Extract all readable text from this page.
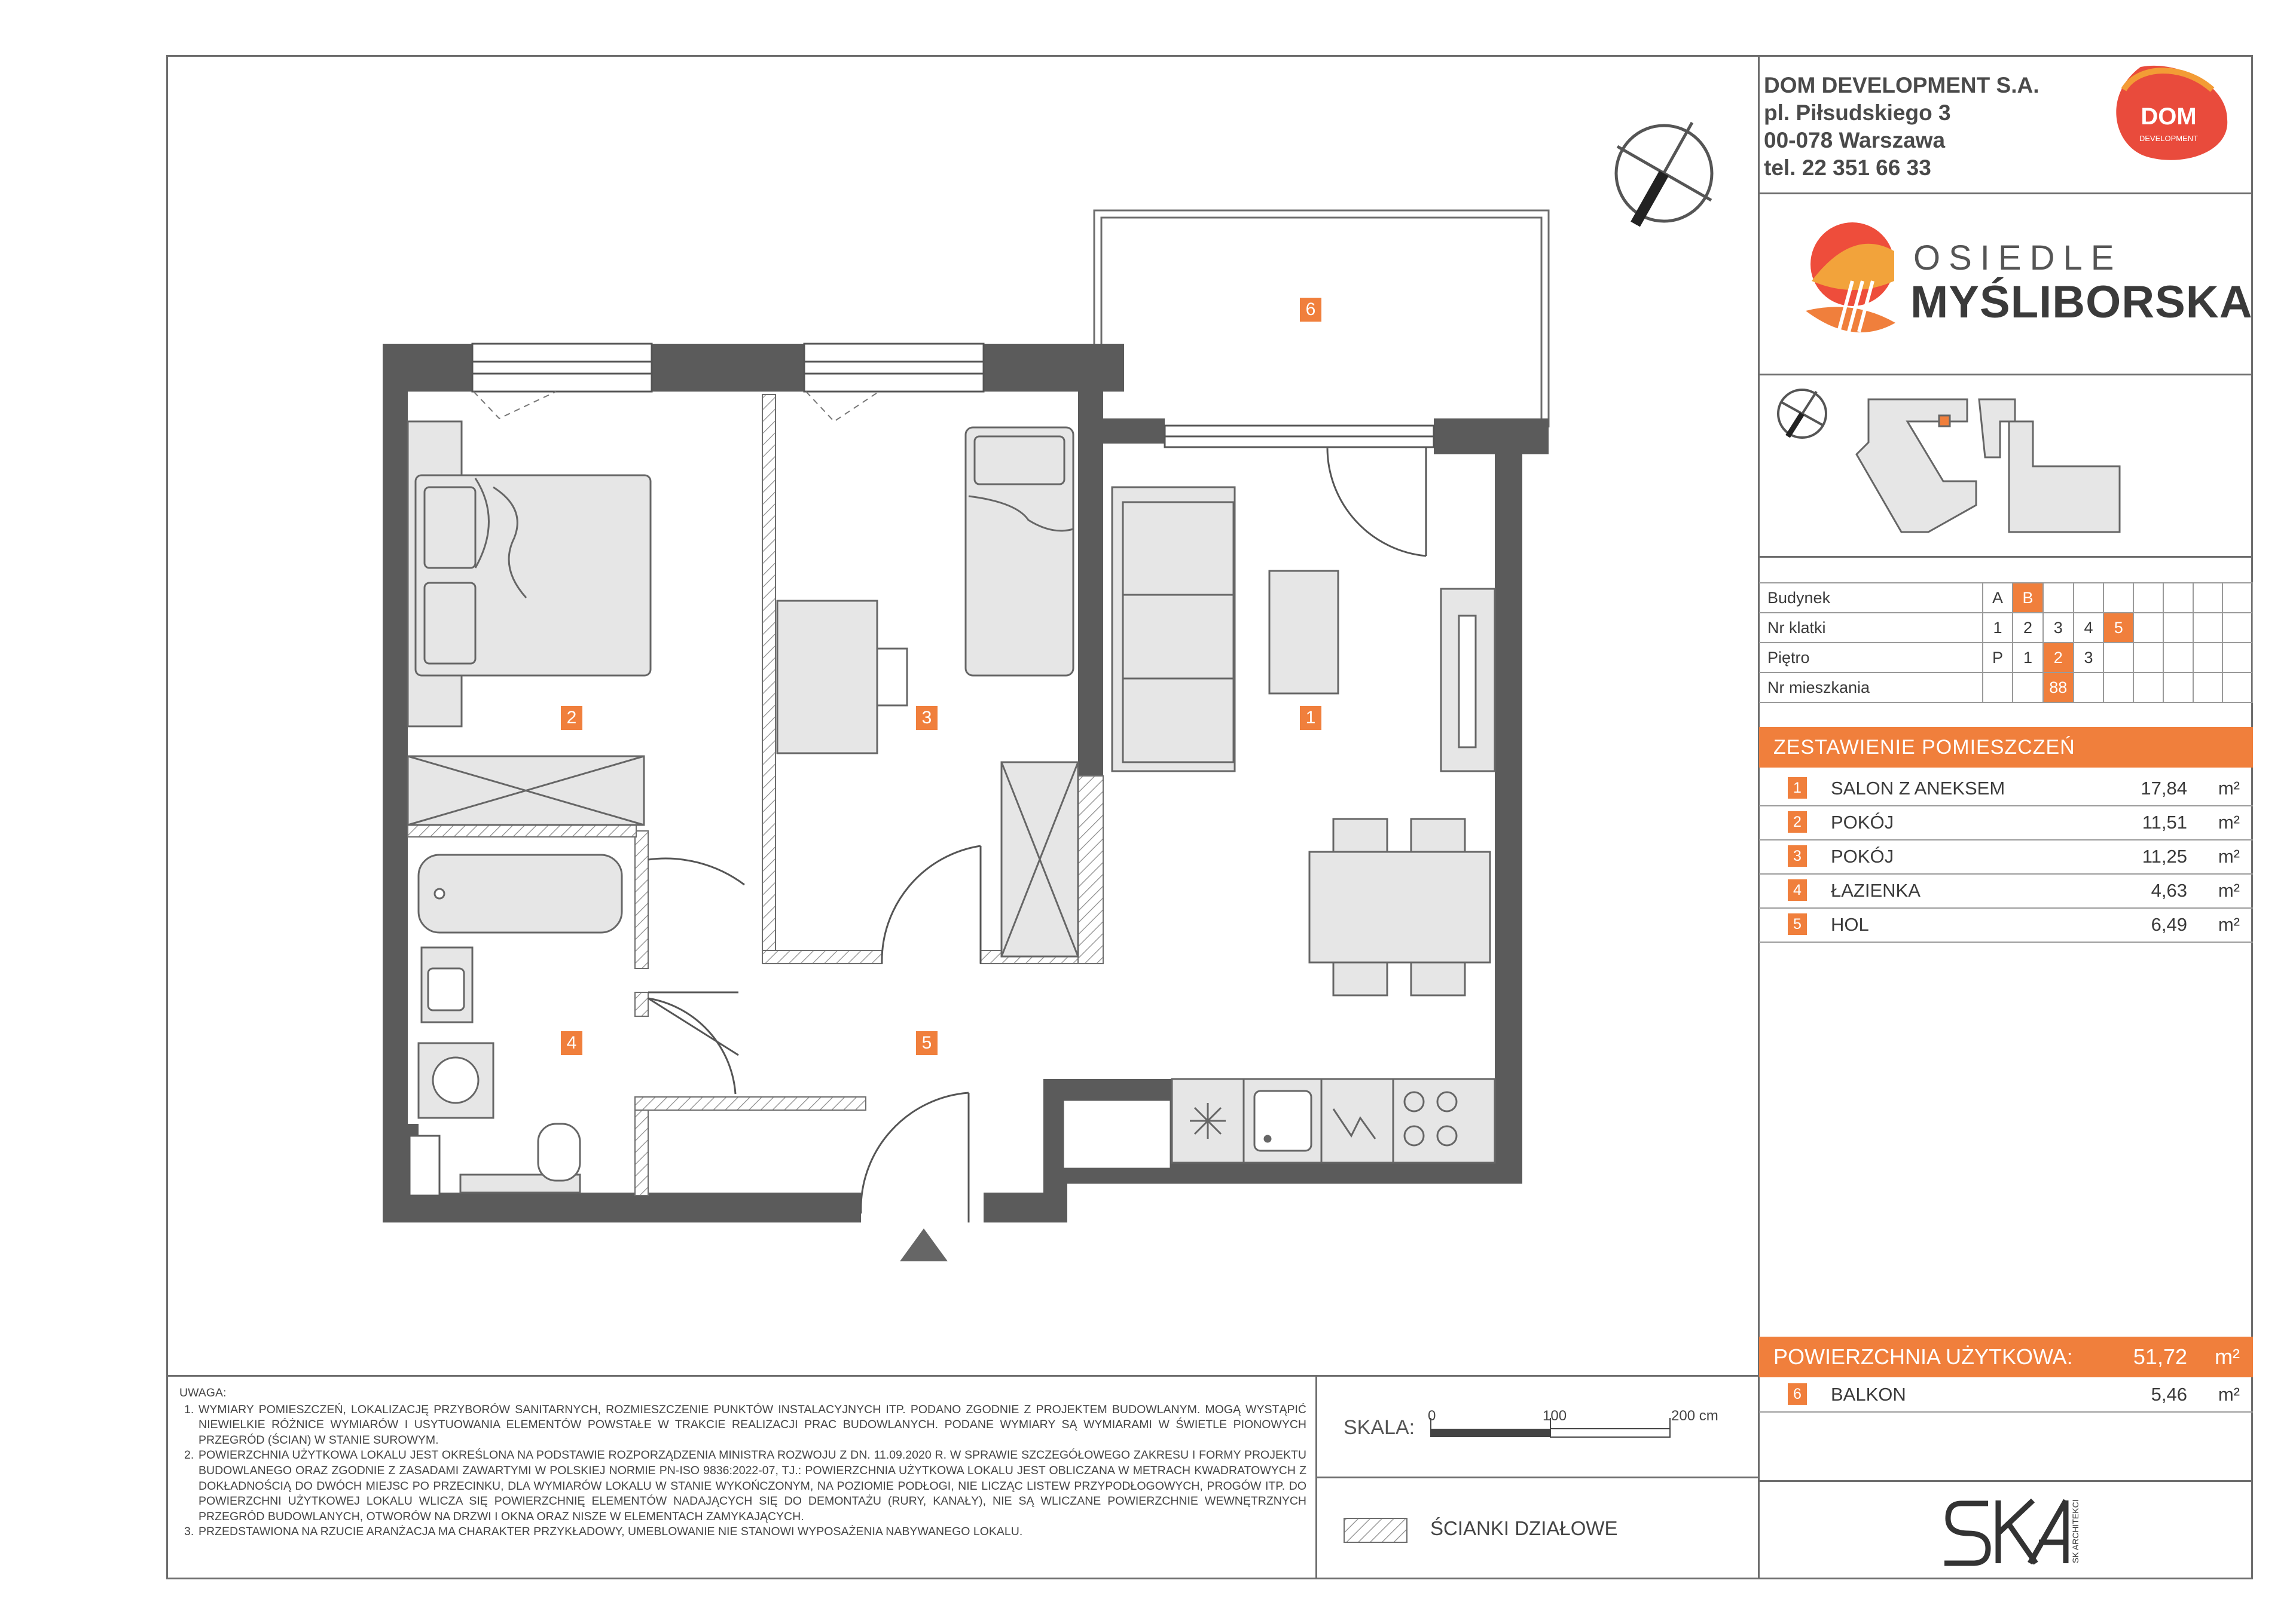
DOM DEVELOPMENT S.A.
pl. Piłsudskiego 3
00-078 Warszawa
tel. 22 351 66 33
DOM
DEVELOPMENT
SK ARCHITEKCI
OSIEDLE
MYŚLIBORSKA
1
2	3
4	5
6
Budynek	A	B							
Nr klatki	1	2	3	4	5				
Piętro	P	1	2	3					
Nr mieszkania			88						
ZESTAWIENIE POMIESZCZEŃ
1 SALON Z ANEKSEM	17,84 m²
2 POKÓJ	11,51 m²
3 POKÓJ	11,25 m²
4 ŁAZIENKA	4,63 m²
5 HOL	6,49 m²
POWIERZCHNIA UŻYTKOWA:	51,72 m²
6 BALKON	5,46 m²
UWAGA:
1. WYMIARY POMIESZCZEŃ, LOKALIZACJĘ PRZYBORÓW SANITARNYCH, ROZMIESZCZENIE PUNKTÓW INSTALACYJNYCH ITP. PODANO ZGODNIE Z PROJEKTEM BUDOWLANYM. MOGĄ WYSTĄPIĆ NIEWIELKIE RÓŻNICE WYMIARÓW I USYTUOWANIA ELEMENTÓW POWSTAŁE W TRAKCIE REALIZACJI PRAC BUDOWLANYCH. PODANE WYMIARY SĄ WYMIARAMI W ŚWIETLE PIONOWYCH PRZEGRÓD (ŚCIAN) W STANIE SUROWYM.
2. POWIERZCHNIA UŻYTKOWA LOKALU JEST OKREŚLONA NA PODSTAWIE ROZPORZĄDZENIA MINISTRA ROZWOJU Z DN. 11.09.2020 R. W SPRAWIE SZCZEGÓŁOWEGO ZAKRESU I FORMY PROJEKTU BUDOWLANEGO ORAZ ZGODNIE Z ZASADAMI ZAWARTYMI W POLSKIEJ NORMIE PN-ISO 9836:2022-07, TJ.: POWIERZCHNIA UŻYTKOWA LOKALU JEST OBLICZANA W METRACH KWADRATOWYCH Z DOKŁADNOŚCIĄ DO DWÓCH MIEJSC PO PRZECINKU, DLA WYMIARÓW LOKALU W STANIE WYKOŃCZONYM, NA POZIOMIE PODŁOGI, NIE LICZĄC LISTEW PRZYPODŁOGOWYCH, PROGÓW ITP. DO POWIERZCHNI UŻYTKOWEJ LOKALU WLICZA SIĘ POWIERZCHNIĘ ELEMENTÓW NADAJĄCYCH SIĘ DO DEMONTAŻU (RURY, KANAŁY), NIE SĄ WLICZANE POWIERZCHNIE WEWNĘTRZNYCH PRZEGRÓD BUDOWLANYCH, OTWORÓW NA DRZWI I OKNA ORAZ NISZE W ELEMENTACH ZAMYKAJĄCYCH.
3. PRZEDSTAWIONA NA RZUCIE ARANŻACJA MA CHARAKTER PRZYKŁADOWY, UMEBLOWANIE NIE STANOWI WYPOSAŻENIA NABYWANEGO LOKALU.
SKALA:
0	100	200 cm
ŚCIANKI DZIAŁOWE
